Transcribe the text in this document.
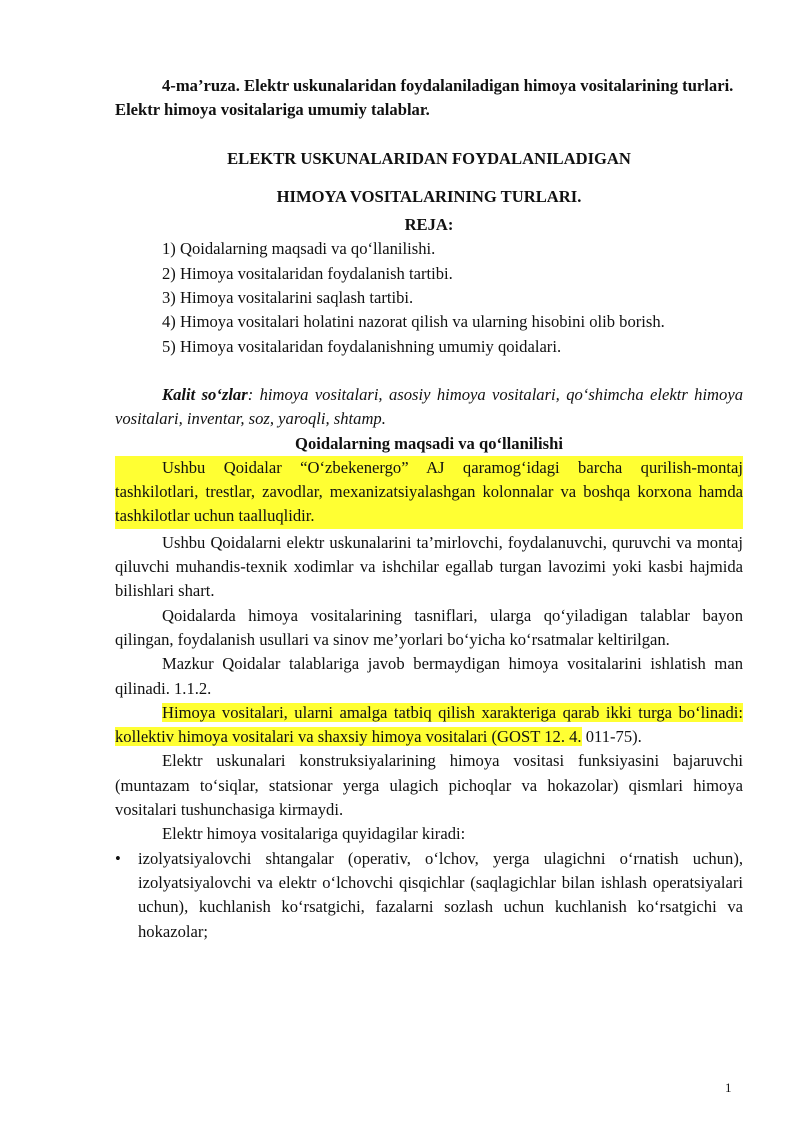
4-ma’ruza. Elektr uskunalaridan foydalaniladigan himoya vositalarining turlari. Elektr himoya vositalariga umumiy talablar.

ELEKTR USKUNALARIDAN FOYDALANILADIGAN

HIMOYA VOSITALARINING TURLARI.

REJA:

1) Qoidalarning maqsadi va qo‘llanilishi.
2) Himoya vositalaridan foydalanish tartibi.
3) Himoya vositalarini saqlash tartibi.
4) Himoya vositalari holatini nazorat qilish va ularning hisobini olib borish.
5) Himoya vositalaridan foydalanishning umumiy qoidalari.

Kalit so‘zlar: himoya vositalari, asosiy himoya vositalari, qo‘shimcha elektr himoya vositalari, inventar, soz, yaroqli, shtamp.

Qoidalarning maqsadi va qo‘llanilishi

Ushbu Qoidalar “O‘zbekenergo” AJ qaramog‘idagi barcha qurilish-montaj tashkilotlari, trestlar, zavodlar, mexanizatsiyalashgan kolonnalar va boshqa korxona hamda tashkilotlar uchun taalluqlidir.

Ushbu Qoidalarni elektr uskunalarini ta’mirlovchi, foydalanuvchi, quruvchi va montaj qiluvchi muhandis-texnik xodimlar va ishchilar egallab turgan lavozimi yoki kasbi hajmida bilishlari shart.

Qoidalarda himoya vositalarining tasniflari, ularga qo‘yiladigan talablar bayon qilingan, foydalanish usullari va sinov me’yorlari bo‘yicha ko‘rsatmalar keltirilgan.

Mazkur Qoidalar talablariga javob bermaydigan himoya vositalarini ishlatish man qilinadi. 1.1.2.

Himoya vositalari, ularni amalga tatbiq qilish xarakteriga qarab ikki turga bo‘linadi: kollektiv himoya vositalari va shaxsiy himoya vositalari (GOST 12. 4. 011-75).

Elektr uskunalari konstruksiyalarining himoya vositasi funksiyasini bajaruvchi (muntazam to‘siqlar, statsionar yerga ulagich pichoqlar va hokazolar) qismlari himoya vositalari tushunchasiga kirmaydi.

Elektr himoya vositalariga quyidagilar kiradi:

• izolyatsiyalovchi shtangalar (operativ, o‘lchov, yerga ulagichni o‘rnatish uchun), izolyatsiyalovchi va elektr o‘lchovchi qisqichlar (saqlagichlar bilan ishlash operatsiyalari uchun), kuchlanish ko‘rsatgichi, fazalarni sozlash uchun kuchlanish ko‘rsatgichi va hokazolar;
1
